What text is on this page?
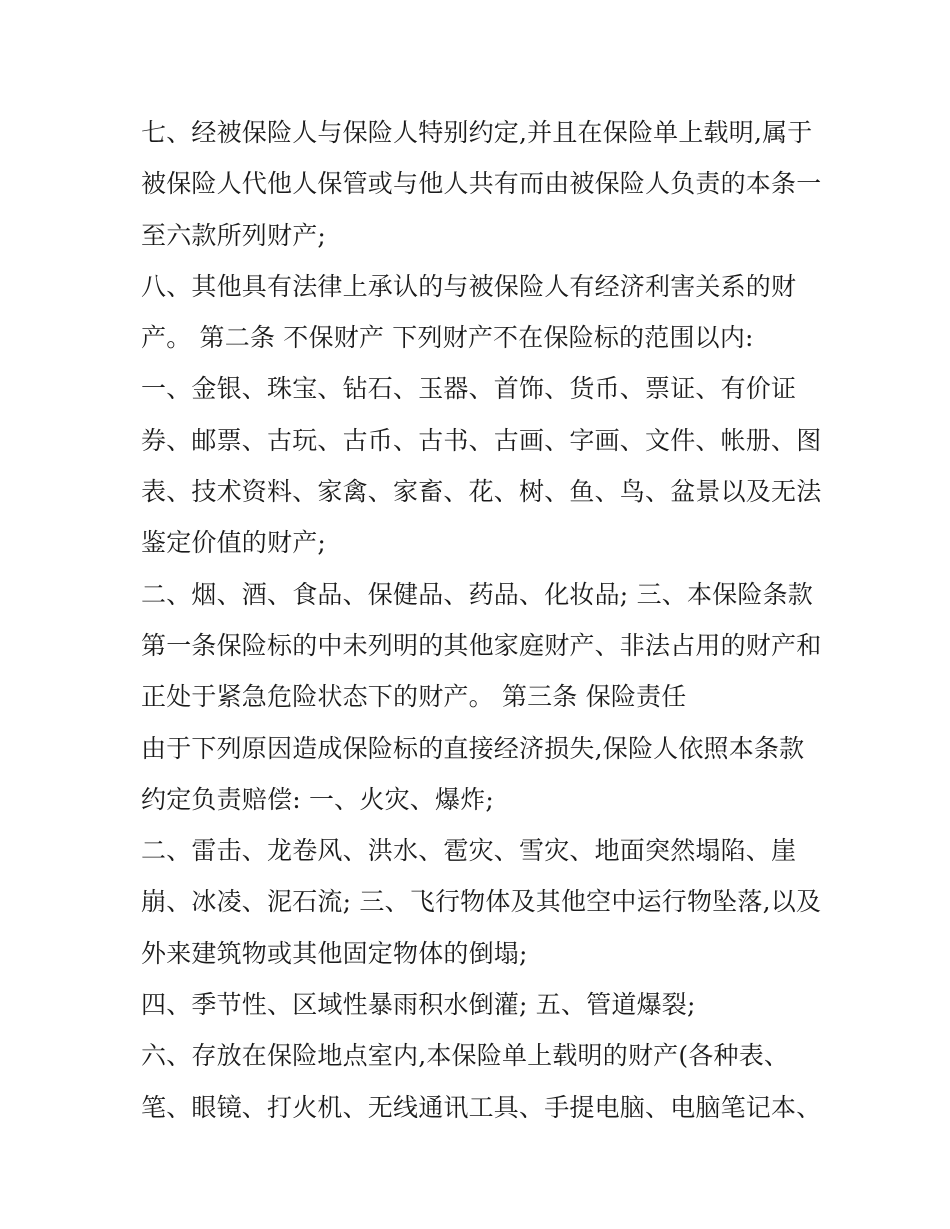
七、经被保险人与保险人特别约定,并且在保险单上载明,属于
被保险人代他人保管或与他人共有而由被保险人负责的本条一
至六款所列财产;
八、其他具有法律上承认的与被保险人有经济利害关系的财
产。 第二条 不保财产 下列财产不在保险标的范围以内:
一、金银、珠宝、钻石、玉器、首饰、货币、票证、有价证
券、邮票、古玩、古币、古书、古画、字画、文件、帐册、图
表、技术资料、家禽、家畜、花、树、鱼、鸟、盆景以及无法
鉴定价值的财产;
二、烟、酒、食品、保健品、药品、化妆品; 三、本保险条款
第一条保险标的中未列明的其他家庭财产、非法占用的财产和
正处于紧急危险状态下的财产。 第三条 保险责任
由于下列原因造成保险标的直接经济损失,保险人依照本条款
约定负责赔偿: 一、火灾、爆炸;
二、雷击、龙卷风、洪水、雹灾、雪灾、地面突然塌陷、崖
崩、冰凌、泥石流; 三、飞行物体及其他空中运行物坠落,以及
外来建筑物或其他固定物体的倒塌;
四、季节性、区域性暴雨积水倒灌; 五、管道爆裂;
六、存放在保险地点室内,本保险单上载明的财产(各种表、
笔、眼镜、打火机、无线通讯工具、手提电脑、电脑笔记本、
